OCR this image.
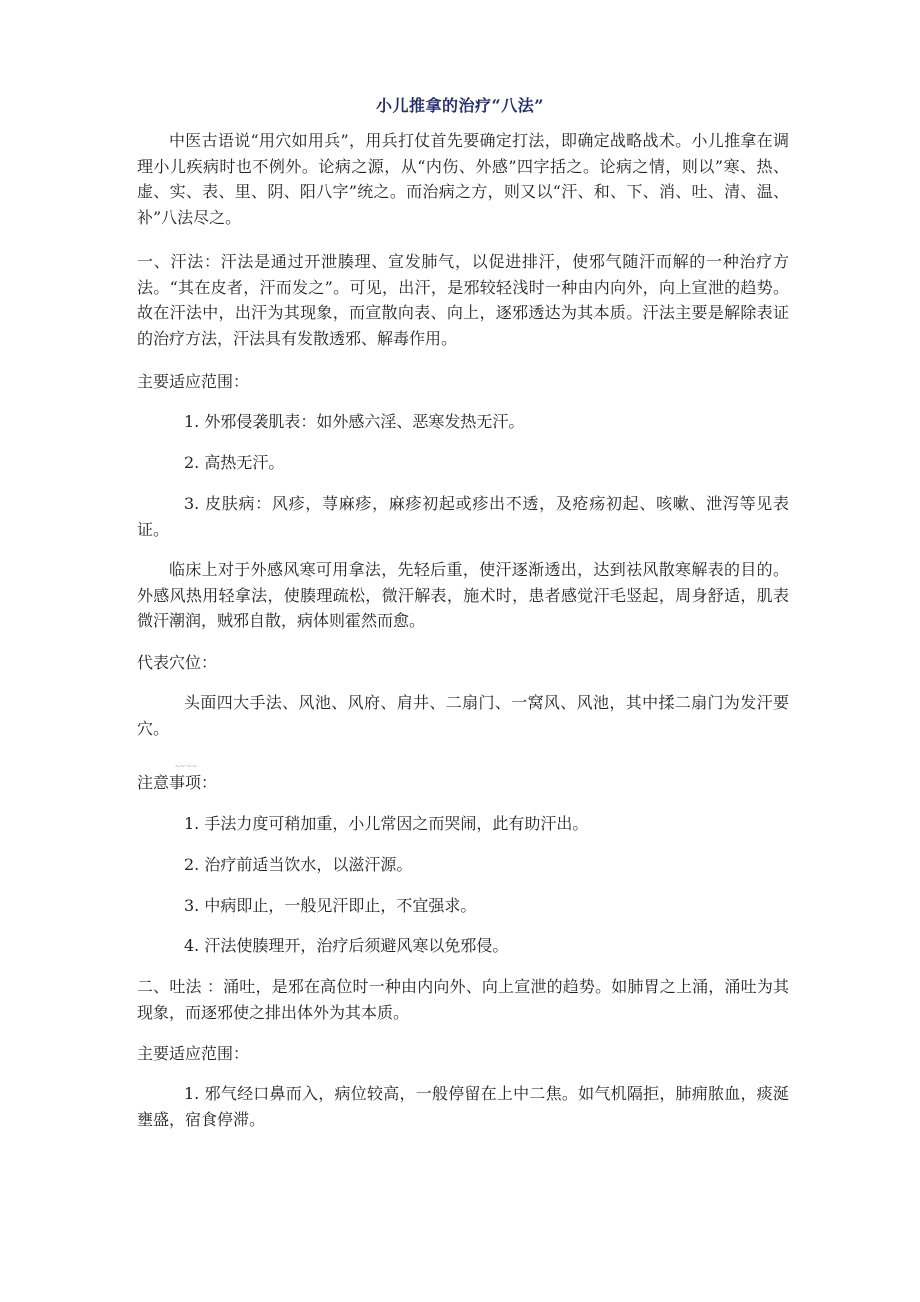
小儿推拿的治疗“八法”

中医古语说“用穴如用兵”，用兵打仗首先要确定打法，即确定战略战术。小儿推拿在调理小儿疾病时也不例外。论病之源，从“内伤、外感”四字括之。论病之情，则以”寒、热、虚、实、表、里、阴、阳八字”统之。而治病之方，则又以“汗、和、下、消、吐、清、温、补”八法尽之。

一、汗法：汗法是通过开泄腠理、宣发肺气，以促进排汗，使邪气随汗而解的一种治疗方法。“其在皮者，汗而发之”。可见，出汗，是邪较轻浅时一种由内向外，向上宣泄的趋势。故在汗法中，出汗为其现象，而宣散向表、向上，逐邪透达为其本质。汗法主要是解除表证的治疗方法，汗法具有发散透邪、解毒作用。

主要适应范围：

1. 外邪侵袭肌表：如外感六淫、恶寒发热无汗。

2. 高热无汗。

3. 皮肤病：风疹，荨麻疹，麻疹初起或疹出不透，及疮疡初起、咳嗽、泄泻等见表证。

临床上对于外感风寒可用拿法，先轻后重，使汗逐渐透出，达到祛风散寒解表的目的。外感风热用轻拿法，使腠理疏松，微汗解表，施术时，患者感觉汗毛竖起，周身舒适，肌表微汗潮润，贼邪自散，病体则霍然而愈。

代表穴位：

头面四大手法、风池、风府、肩井、二扇门、一窝风、风池，其中揉二扇门为发汗要穴。

~~·~~

注意事项：

1. 手法力度可稍加重，小儿常因之而哭闹，此有助汗出。

2. 治疗前适当饮水，以滋汗源。

3. 中病即止，一般见汗即止，不宜强求。

4. 汗法使腠理开，治疗后须避风寒以免邪侵。

二、吐法 ：涌吐，是邪在高位时一种由内向外、向上宣泄的趋势。如肺胃之上涌，涌吐为其现象，而逐邪使之排出体外为其本质。

主要适应范围：

1. 邪气经口鼻而入，病位较高，一般停留在上中二焦。如气机隔拒，肺痈脓血，痰涎壅盛，宿食停滞。
